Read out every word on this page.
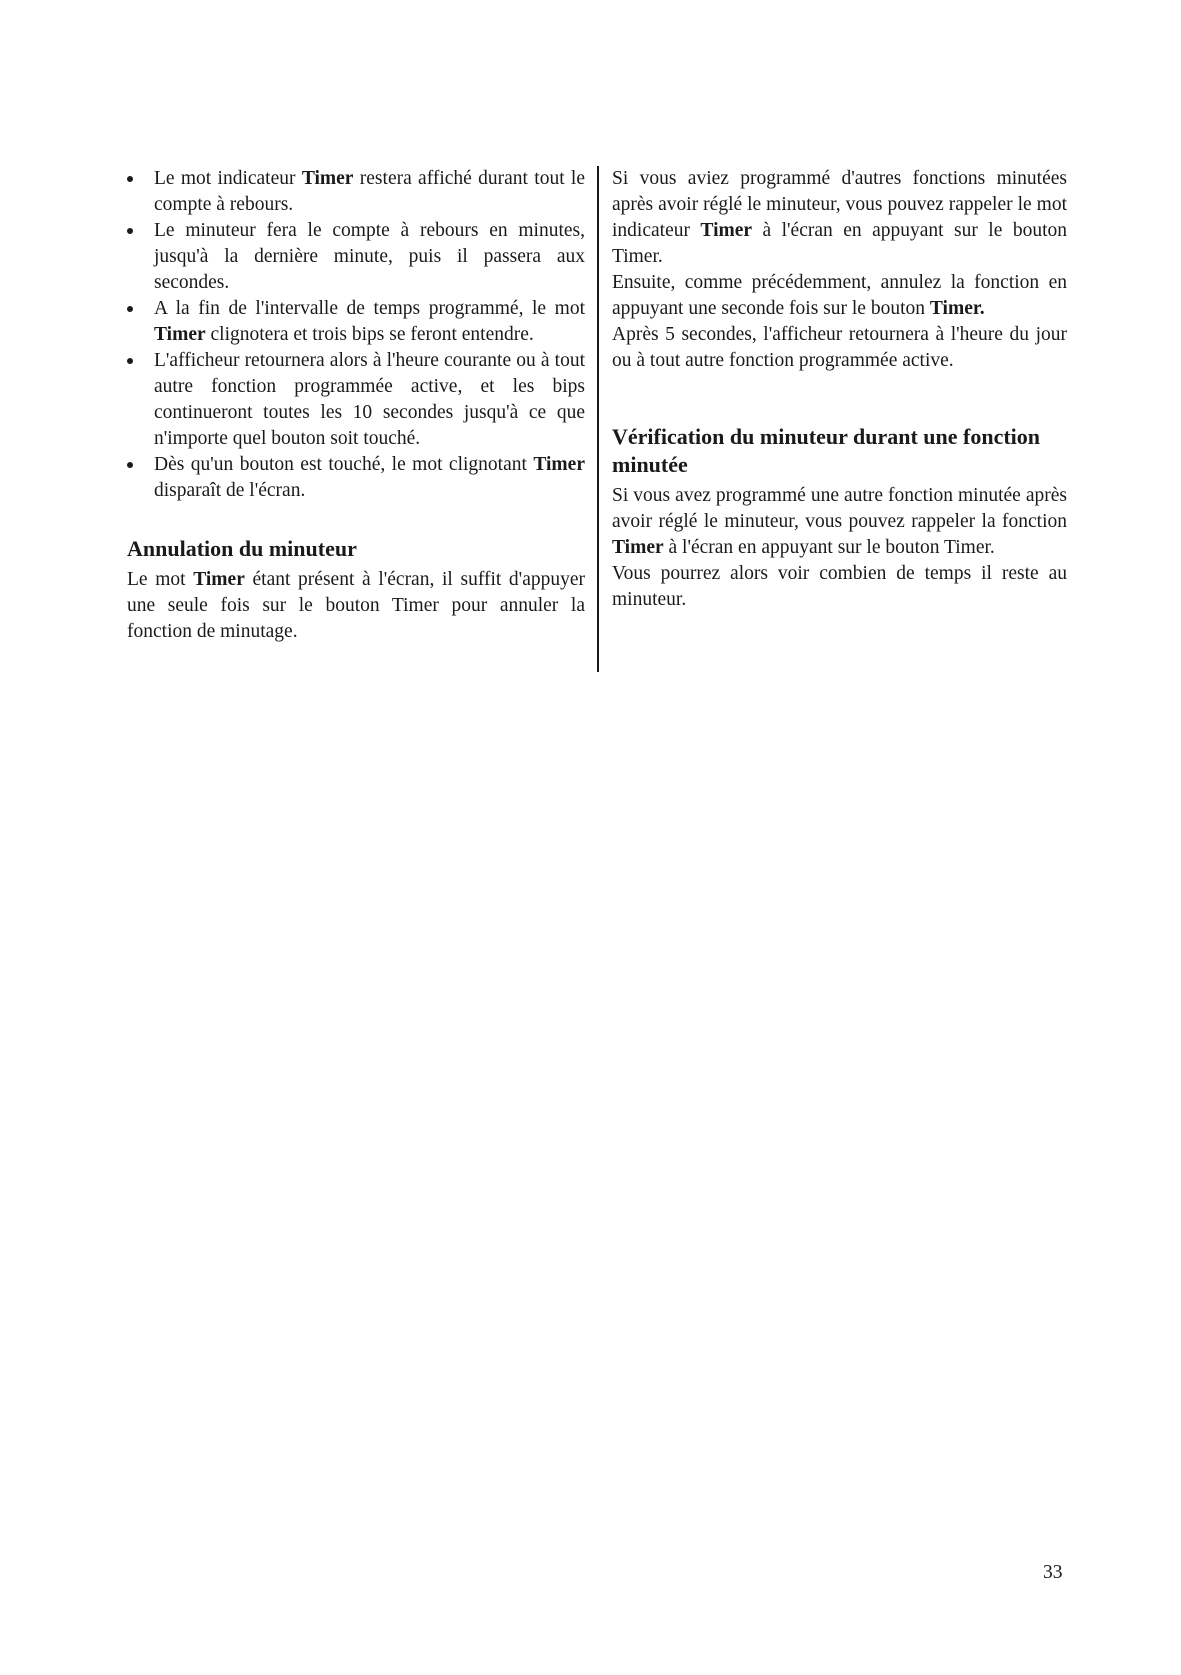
Le mot indicateur Timer restera affiché durant tout le compte à rebours.
Le minuteur fera le compte à rebours en minutes, jusqu'à la dernière minute, puis il passera aux secondes.
A la fin de l'intervalle de temps programmé, le mot Timer clignotera et trois bips se feront entendre.
L'afficheur retournera alors à l'heure courante ou à tout autre fonction programmée active, et les bips continueront toutes les 10 secondes jusqu'à ce que n'importe quel bouton soit touché.
Dès qu'un bouton est touché, le mot clignotant Timer disparaît de l'écran.
Annulation du minuteur

Le mot Timer étant présent à l'écran, il suffit d'appuyer une seule fois sur le bouton Timer pour annuler la fonction de minutage.

Si vous aviez programmé d'autres fonctions minutées après avoir réglé le minuteur, vous pouvez rappeler le mot indicateur Timer à l'écran en appuyant sur le bouton Timer.

Ensuite, comme précédemment, annulez la fonction en appuyant une seconde fois sur le bouton Timer.

Après 5 secondes, l'afficheur retournera à l'heure du jour ou à tout autre fonction programmée active.

Vérification du minuteur durant une fonction minutée

Si vous avez programmé une autre fonction minutée après avoir réglé le minuteur, vous pouvez rappeler la fonction Timer à l'écran en appuyant sur le bouton Timer.

Vous pourrez alors voir combien de temps il reste au minuteur.

33
